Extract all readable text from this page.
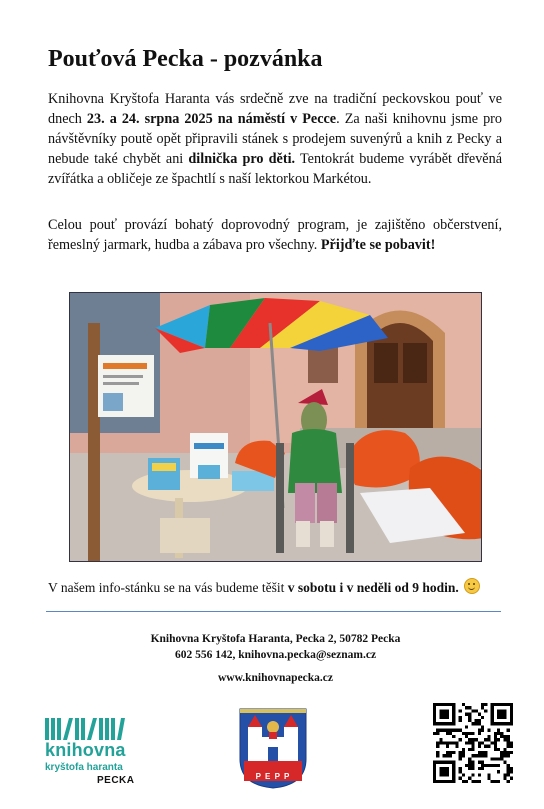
Pouťová Pecka - pozvánka

Knihovna Kryštofa Haranta vás srdečně zve na tradiční peckovskou pouť ve dnech 23. a 24. srpna 2025 na náměstí v Pecce. Za naši knihovnu jsme pro návštěvníky poutě opět připravili stánek s prodejem suvenýrů a knih z Pecky a nebude také chybět ani dilnička pro děti. Tentokrát budeme vyrábět dřevěná zvířátka a obličeje ze špachtlí s naší lektorkou Markétou.

Celou pouť provází bohatý doprovodný program, je zajištěno občerstvení, řemeslný jarmark, hudba a zábava pro všechny. Přijďte se pobavit!

V našem info-stánku se na vás budeme těšit v sobotu i v neděli od 9 hodin.

Knihovna Kryštofa Haranta, Pecka 2, 50782 Pecka
602 556 142, knihovna.pecka@seznam.cz
www.knihovnapecka.cz
knihovna
kryštofa haranta
PECKA	P E P P
